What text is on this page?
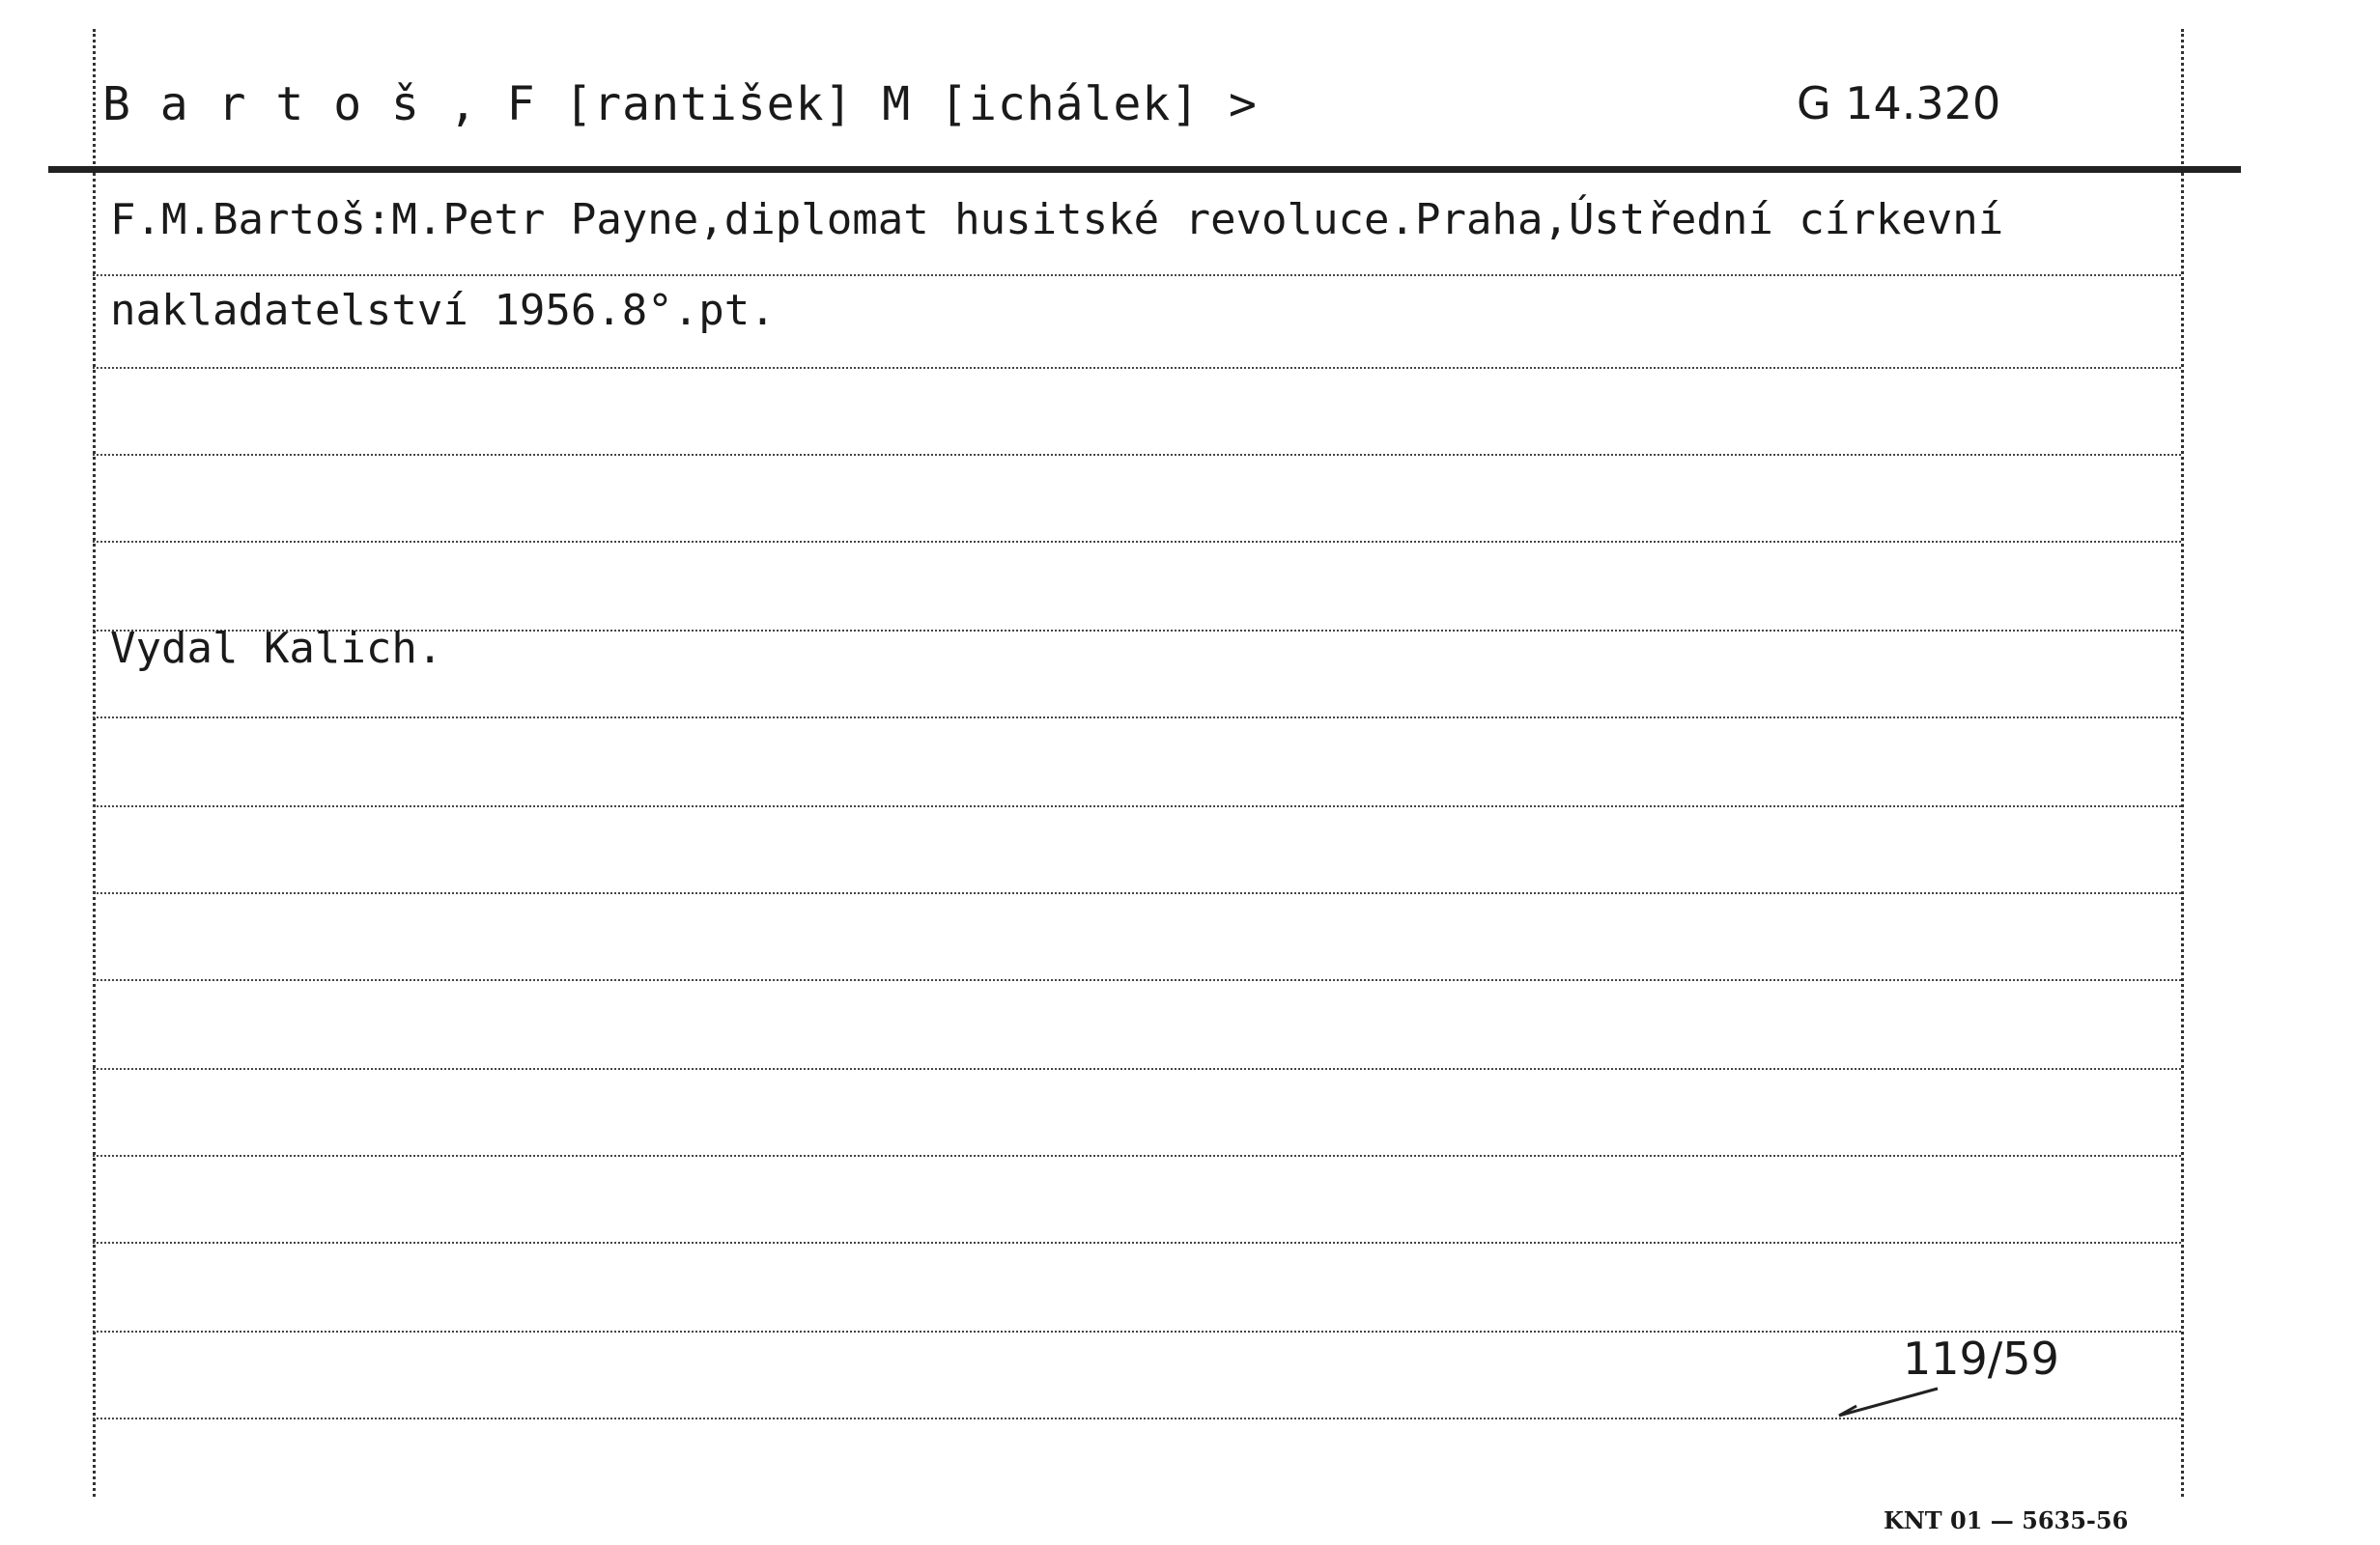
B a r t o š , F [rantišek] M [ichálek] >	G 14.320
F.M.Bartoš:M.Petr Payne,diplomat husitské revoluce.Praha,Ústřední církevní
nakladatelství 1956.8°.pt.
Vydal Kalich.
119/59
KNT 01 — 5635-56
